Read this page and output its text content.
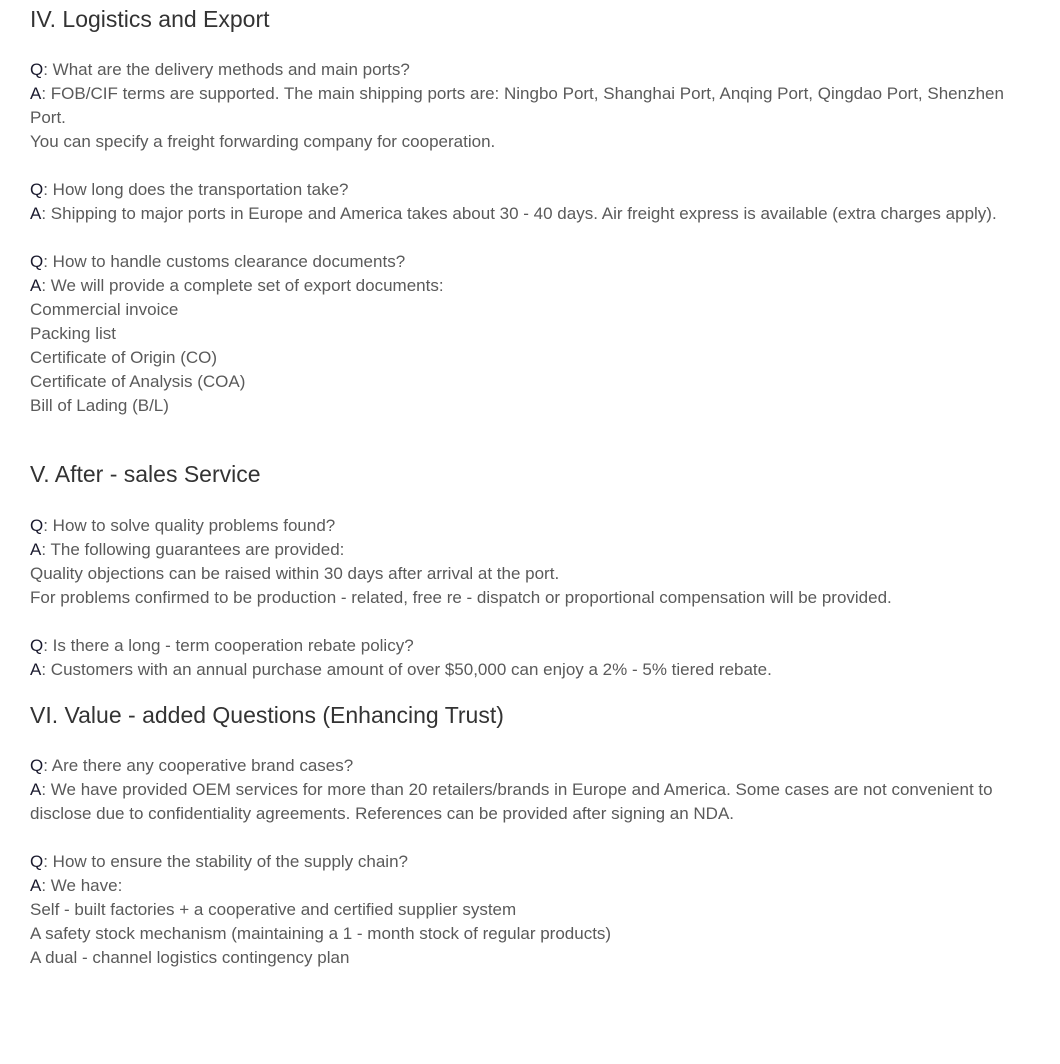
IV. Logistics and Export

Q: What are the delivery methods and main ports?

A: FOB/CIF terms are supported. The main shipping ports are: Ningbo Port, Shanghai Port, Anqing Port, Qingdao Port, Shenzhen Port.

You can specify a freight forwarding company for cooperation.

Q: How long does the transportation take?

A: Shipping to major ports in Europe and America takes about 30 - 40 days. Air freight express is available (extra charges apply).

Q: How to handle customs clearance documents?

A: We will provide a complete set of export documents:

Commercial invoice

Packing list

Certificate of Origin (CO)

Certificate of Analysis (COA)

Bill of Lading (B/L)

V. After - sales Service

Q: How to solve quality problems found?

A: The following guarantees are provided:

Quality objections can be raised within 30 days after arrival at the port.

For problems confirmed to be production - related, free re - dispatch or proportional compensation will be provided.

Q: Is there a long - term cooperation rebate policy?

A: Customers with an annual purchase amount of over $50,000 can enjoy a 2% - 5% tiered rebate.

VI. Value - added Questions (Enhancing Trust)

Q: Are there any cooperative brand cases?

A: We have provided OEM services for more than 20 retailers/brands in Europe and America. Some cases are not convenient to disclose due to confidentiality agreements. References can be provided after signing an NDA.

Q: How to ensure the stability of the supply chain?

A: We have:

Self - built factories + a cooperative and certified supplier system

A safety stock mechanism (maintaining a 1 - month stock of regular products)

A dual - channel logistics contingency plan
